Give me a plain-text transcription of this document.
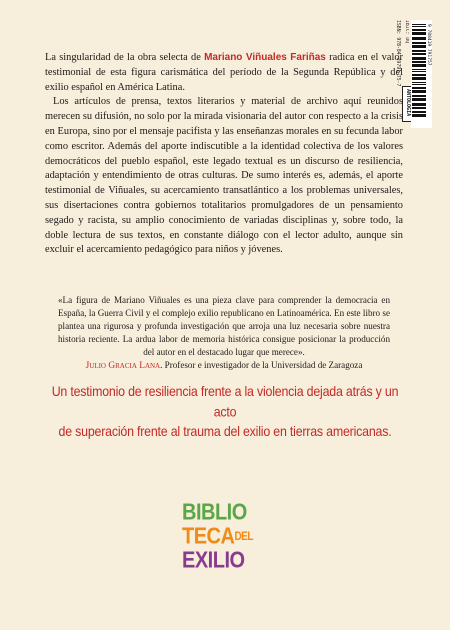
ISBN: 978-84-19791-75-7 IBIC: DQ
ANTOLOGÍA
9 788419 791757

La singularidad de la obra selecta de Mariano Viñuales Fariñas radica en el valor testimonial de esta figura carismática del período de la Segunda República y del exilio español en América Latina.

Los artículos de prensa, textos literarios y material de archivo aquí reunidos merecen su difusión, no solo por la mirada visionaria del autor con respecto a la crisis en Europa, sino por el mensaje pacifista y las enseñanzas morales en su fecunda labor como escritor. Además del aporte indiscutible a la identidad colectiva de los valores democráticos del pueblo español, este legado textual es un discurso de resiliencia, adaptación y entendimiento de otras culturas. De sumo interés es, además, el aporte testimonial de Viñuales, su acercamiento transatlántico a los problemas universales, sus disertaciones contra gobiernos totalitarios promulgadores de un pensamiento segado y racista, su amplio conocimiento de variadas disciplinas y, sobre todo, la doble lectura de sus textos, en constante diálogo con el lector adulto, aunque sin excluir el acercamiento pedagógico para niños y jóvenes.

«La figura de Mariano Viñuales es una pieza clave para comprender la democracia en España, la Guerra Civil y el complejo exilio republicano en Latinoamérica. En este libro se plantea una rigurosa y profunda investigación que arroja una luz necesaria sobre nuestra historia reciente. La ardua labor de memoria histórica consigue posicionar la producción del autor en el destacado lugar que merece».

Julio Gracia Lana. Profesor e investigador de la Universidad de Zaragoza

Un testimonio de resiliencia frente a la violencia dejada atrás y un acto
de superación frente al trauma del exilio en tierras americanas.
BIBLIO
TECADEL
EXILIO
